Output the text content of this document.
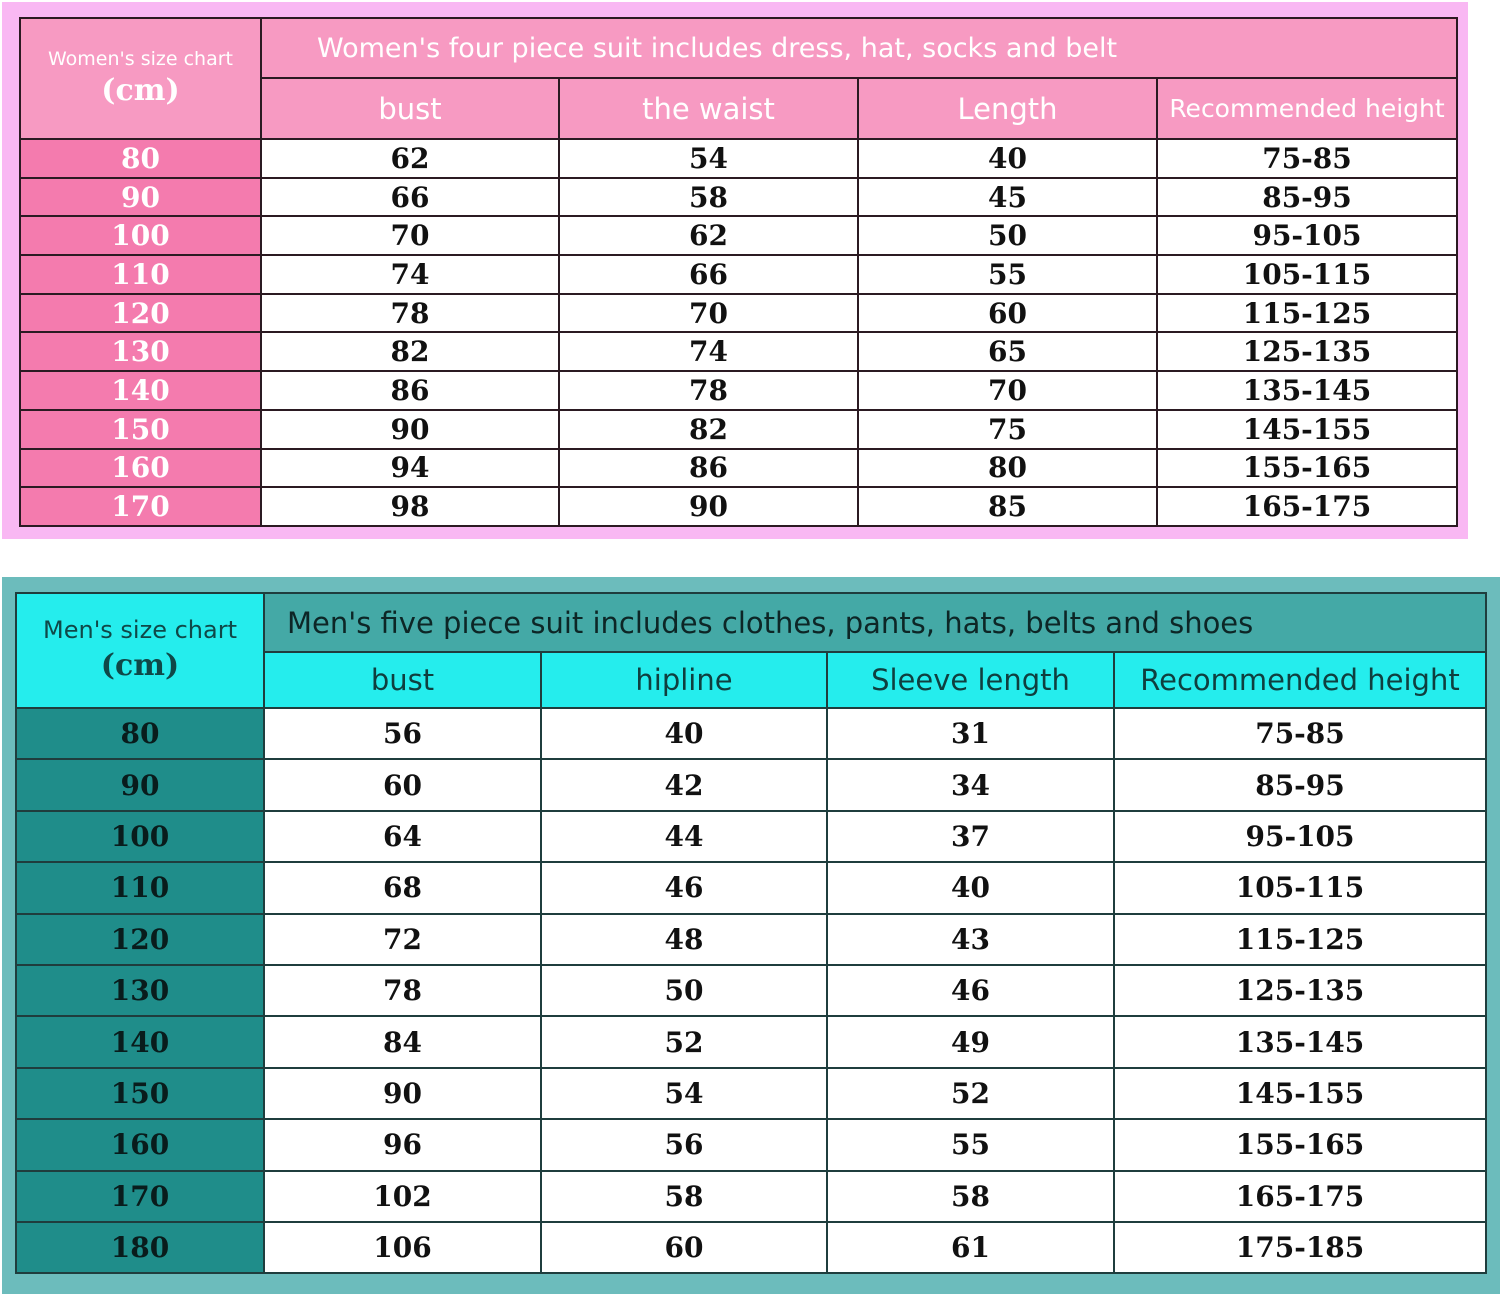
Women's size chart
(cm)	Women's four piece suit includes dress, hat, socks and belt			
	bust	the waist	Length	Recommended height
80	62	54	40	75-85
90	66	58	45	85-95
100	70	62	50	95-105
110	74	66	55	105-115
120	78	70	60	115-125
130	82	74	65	125-135
140	86	78	70	135-145
150	90	82	75	145-155
160	94	86	80	155-165
170	98	90	85	165-175
Men's size chart
(cm)	Men's five piece suit includes clothes, pants, hats, belts and shoes			
	bust	hipline	Sleeve length	Recommended height
80	56	40	31	75-85
90	60	42	34	85-95
100	64	44	37	95-105
110	68	46	40	105-115
120	72	48	43	115-125
130	78	50	46	125-135
140	84	52	49	135-145
150	90	54	52	145-155
160	96	56	55	155-165
170	102	58	58	165-175
180	106	60	61	175-185
